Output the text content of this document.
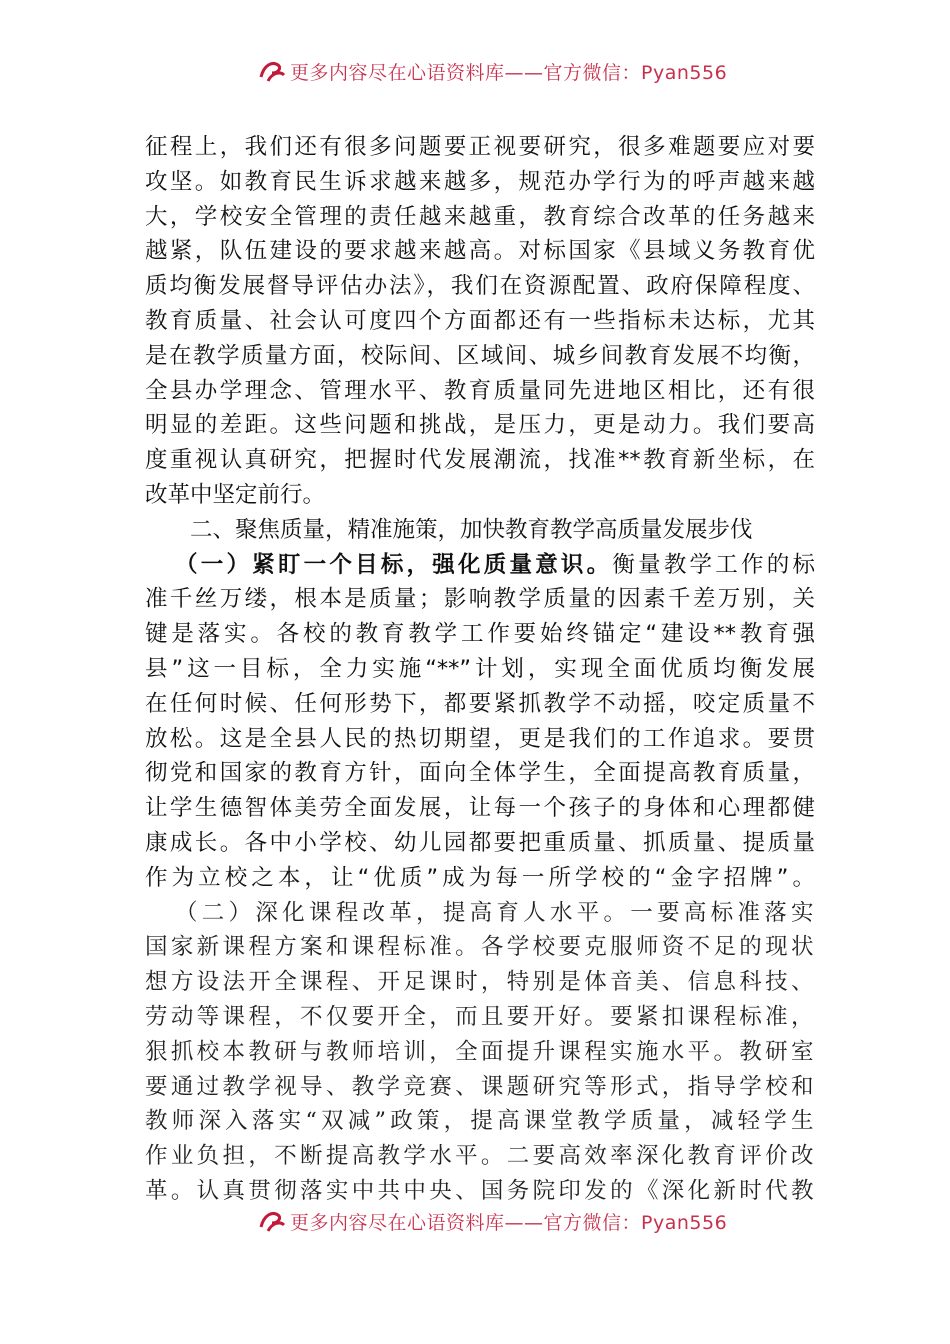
更多内容尽在心语资料库——官方微信：Pyan556
征程上，我们还有很多问题要正视要研究，很多难题要应对要
攻坚。如教育民生诉求越来越多，规范办学行为的呼声越来越
大，学校安全管理的责任越来越重，教育综合改革的任务越来
越紧，队伍建设的要求越来越高。对标国家《县域义务教育优
质均衡发展督导评估办法》，我们在资源配置、政府保障程度、
教育质量、社会认可度四个方面都还有一些指标未达标，尤其
是在教学质量方面，校际间、区域间、城乡间教育发展不均衡，
全县办学理念、管理水平、教育质量同先进地区相比，还有很
明显的差距。这些问题和挑战，是压力，更是动力。我们要高
度重视认真研究，把握时代发展潮流，找准**教育新坐标，在
改革中坚定前行。
二、聚焦质量，精准施策，加快教育教学高质量发展步伐
（一）紧盯一个目标，强化质量意识。衡量教学工作的标
准千丝万缕，根本是质量；影响教学质量的因素千差万别，关
键是落实。各校的教育教学工作要始终锚定“建设**教育强
县”这一目标，全力实施“**”计划，实现全面优质均衡发展
在任何时候、任何形势下，都要紧抓教学不动摇，咬定质量不
放松。这是全县人民的热切期望，更是我们的工作追求。要贯
彻党和国家的教育方针，面向全体学生，全面提高教育质量，
让学生德智体美劳全面发展，让每一个孩子的身体和心理都健
康成长。各中小学校、幼儿园都要把重质量、抓质量、提质量
作为立校之本，让“优质”成为每一所学校的“金字招牌”。
（二）深化课程改革，提高育人水平。一要高标准落实
国家新课程方案和课程标准。各学校要克服师资不足的现状
想方设法开全课程、开足课时，特别是体音美、信息科技、
劳动等课程，不仅要开全，而且要开好。要紧扣课程标准，
狠抓校本教研与教师培训，全面提升课程实施水平。教研室
要通过教学视导、教学竞赛、课题研究等形式，指导学校和
教师深入落实“双减”政策，提高课堂教学质量，减轻学生
作业负担，不断提高教学水平。二要高效率深化教育评价改
革。认真贯彻落实中共中央、国务院印发的《深化新时代教
更多内容尽在心语资料库——官方微信：Pyan556
